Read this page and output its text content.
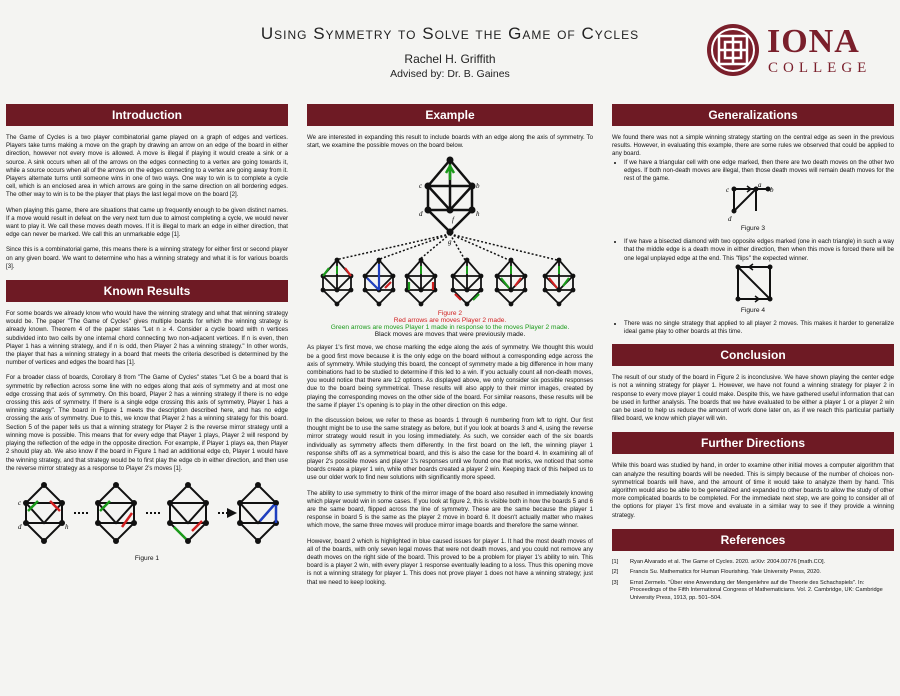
Using Symmetry to Solve the Game of Cycles
Rachel H. Griffith
Advised by: Dr. B. Gaines
IONA
COLLEGE
Introduction

The Game of Cycles is a two player combinatorial game played on a graph of edges and vertices. Players take turns making a move on the graph by drawing an arrow on an edge of the board in either direction, however not every move is allowed. A move is illegal if playing it would create a sink or a source. A sink occurs when all of the arrows on the edges connecting to a vertex are going towards it, while a source occurs when all of the arrows on the edges connecting to a vertex are going away from it. Players alternate turns until someone wins in one of two ways. One way to win is to complete a cycle cell, which is an enclosed area in which arrows are going in the same direction on all bordering edges. The other way to win is to be the player that plays the last legal move on the board [2].

When playing this game, there are situations that came up frequently enough to be given distinct names. If a move would result in defeat on the very next turn due to almost completing a cycle, we would never want to play it. We call these moves death moves. If it is illegal to mark an edge in either direction, that edge can never be marked. We call this an unmarkable edge [1].

Since this is a combinatorial game, this means there is a winning strategy for either first or second player on any given board. We want to determine who has a winning strategy and what it is for various boards [3].

Known Results

For some boards we already know who would have the winning strategy and what that winning strategy would be. The paper "The Game of Cycles" gives multiple boards for which the winning strategy is already known. Theorem 4 of the paper states "Let n ≥ 4. Consider a cycle board with n vertices subdivided into two cells by one internal chord connecting two non-adjacent vertices. If n is even, then Player 1 has a winning strategy, and if n is odd, then Player 2 has a winning strategy." In other words, the player that has a winning strategy in a board that meets the criteria described is determined by the number of vertices and edges the board has [1].

For a broader class of boards, Corollary 8 from "The Game of Cycles" states "Let G be a board that is symmetric by reflection across some line with no edges along that axis of symmetry and at most one edge crossing that axis of symmetry. On this board, Player 2 has a winning strategy if there is no edge crossing this axis of symmetry. If there is a single edge crossing this axis of symmetry, Player 1 has a winning strategy". The board in Figure 1 meets the description described here, and has no edge crossing the axis of symmetry. Due to this, we know that Player 2 has a winning strategy for this board. Section 5 of the paper tells us that a winning strategy for Player 2 is the reverse mirror strategy until a winning move is possible. This means that for every edge that Player 1 plays, Player 2 will respond by playing the reflection of the edge in the opposite direction. For example, if Player 1 plays ea, then Player 2 should play ab. We also know if the board in Figure 1 had an additional edge cb, Player 1 would have the winning strategy, and that strategy would be to first play the edge cb in either direction, and then use the reverse mirror strategy as a response to Player 2's moves [1].

c
d	h

Figure 1

Example

We are interested in expanding this result to include boards with an edge along the axis of symmetry. To start, we examine the possible moves on the board below.

c
d
b
h
f
g

Figure 2

Red arrows are moves Player 2 made.

Green arrows are moves Player 1 made in response to the moves Player 2 made.

Black moves are moves that were previously made.

As player 1's first move, we chose marking the edge along the axis of symmetry. We thought this would be a good first move because it is the only edge on the board without a corresponding edge across the axis of symmetry. While studying this board, the concept of symmetry made a big difference in how many combinations had to be studied to determine if this led to a win. If you actually count all non-death moves, you would notice that there are 12 options. As displayed above, we only consider six possible responses due to the board being symmetrical. These results will also apply to their mirror images, created by playing the corresponding moves on the other side of the board. For similar reasons, these results will be the same if player 1's opening is to play in the other direction on this edge.

In the discussion below, we refer to these as boards 1 through 6 numbering from left to right. Our first thought might be to use the same strategy as before, but if you look at boards 3 and 4, using the reverse mirror strategy would result in you losing immediately. As such, we consider each of the six boards individually as symmetry affects them differently. In the first board on the left, the winning player 1 response shifts off as a symmetrical board, and this is also the case for the board 4. In examining all of player 2's possible moves and player 1's responses until we found one that works, we noticed that some boards create a player 1 win, while other boards created a player 2 win. Keeping track of this helped us to use our older work to find new solutions with significantly more speed.

The ability to use symmetry to think of the mirror image of the board also resulted in immediately knowing which player would win in some cases. If you look at figure 2, this is visible both in how the boards 5 and 6 are the same board, flipped across the line of symmetry. These are the same because the player 1 response in board 5 is the same as the player 2 move in board 6. It doesn't actually matter who makes which move, the same three moves will produce mirror image boards and therefore the same winner.

However, board 2 which is highlighted in blue caused issues for player 1. It had the most death moves of all of the boards, with only seven legal moves that were not death moves, and you could not remove any death moves on the right side of the board. This proved to be a problem for player 1's ability to win. This board is a player 2 win, with every player 1 response eventually leading to a loss. Thus this opening move is not a winning strategy for player 1. This does not prove player 1 does not have a winning strategy; just that we need to keep looking.

Generalizations

We found there was not a simple winning strategy starting on the central edge as seen in the previous results. However, in evaluating this example, there are some rules we observed that could be applied to any board.

• If we have a triangular cell with one edge marked, then there are two death moves on the other two edges. If both non-death moves are illegal, then those death moves will remain death moves for the rest of the game.
c
a
b
d

Figure 3

• If we have a bisected diamond with two opposite edges marked (one in each triangle) in such a way that the middle edge is a death move in either direction, then when this move is forced there will be one legal unplayed edge at the end. This "flips" the expected winner.

Figure 4

• There was no single strategy that applied to all player 2 moves. This makes it harder to generalize ideal game play to other boards at this time.
Conclusion

The result of our study of the board in Figure 2 is inconclusive. We have shown playing the center edge is not a winning strategy for player 1. However, we have not found a winning strategy for player 2 in response to every move player 1 could make. Despite this, we have gathered useful information that can be used in further analysis. The boards that we have evaluated to be either a player 1 or a player 2 win can be used to help us reduce the amount of work done later on, as if we reach this particular partially filled board, we know which player will win.

Further Directions

While this board was studied by hand, in order to examine other initial moves a computer algorithm that can analyze the resulting boards will be needed. This is simply because of the number of choices non-symmetrical boards will have, and the amount of time it would take to analyze them by hand. This algorithm would also be able to be generalized and expanded to other boards to allow the study of other more complicated boards to be completed. For the immediate next step, we are going to consider all of the options for player 1's first move and evaluate in a similar way to see if they provide a winning strategy.

References
[1]	Ryan Alvarado et al. The Game of Cycles. 2020. arXiv: 2004.00776 [math.CO].
[2]	Francis Su. Mathematics for Human Flourishing. Yale University Press, 2020.
[3]	Ernst Zermelo. "Über eine Anwendung der Mengenlehre auf die Theorie des Schachspiels". In: Proceedings of the Fifth International Congress of Mathematicians. Vol. 2. Cambridge, UK: Cambridge University Press, 1913, pp. 501–504.
